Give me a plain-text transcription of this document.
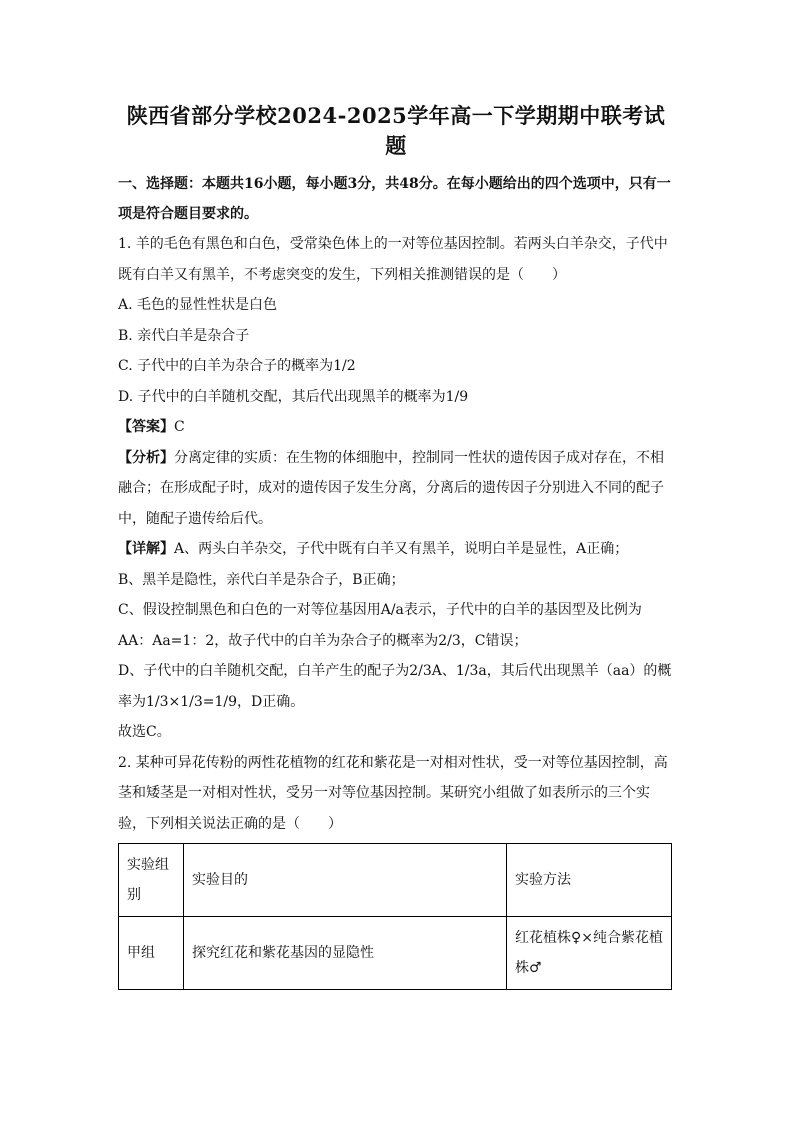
陕西省部分学校2024-2025学年高一下学期期中联考试题

一、选择题：本题共16小题，每小题3分，共48分。在每小题给出的四个选项中，只有一项是符合题目要求的。

1. 羊的毛色有黑色和白色，受常染色体上的一对等位基因控制。若两头白羊杂交，子代中既有白羊又有黑羊，不考虑突变的发生，下列相关推测错误的是（　　）

A. 毛色的显性性状是白色

B. 亲代白羊是杂合子

C. 子代中的白羊为杂合子的概率为1/2

D. 子代中的白羊随机交配，其后代出现黑羊的概率为1/9

【答案】C

【分析】分离定律的实质：在生物的体细胞中，控制同一性状的遗传因子成对存在，不相融合；在形成配子时，成对的遗传因子发生分离，分离后的遗传因子分别进入不同的配子中，随配子遗传给后代。

【详解】A、两头白羊杂交，子代中既有白羊又有黑羊，说明白羊是显性，A正确；

B、黑羊是隐性，亲代白羊是杂合子，B正确；

C、假设控制黑色和白色的一对等位基因用A/a表示，子代中的白羊的基因型及比例为AA：Aa=1：2，故子代中的白羊为杂合子的概率为2/3，C错误；

D、子代中的白羊随机交配，白羊产生的配子为2/3A、1/3a，其后代出现黑羊（aa）的概率为1/3×1/3=1/9，D正确。

故选C。

2. 某种可异花传粉的两性花植物的红花和紫花是一对相对性状，受一对等位基因控制，高茎和矮茎是一对相对性状，受另一对等位基因控制。某研究小组做了如表所示的三个实验，下列相关说法正确的是（　　）

实验组别	实验目的	实验方法
甲组	探究红花和紫花基因的显隐性	红花植株♀×纯合紫花植株♂
